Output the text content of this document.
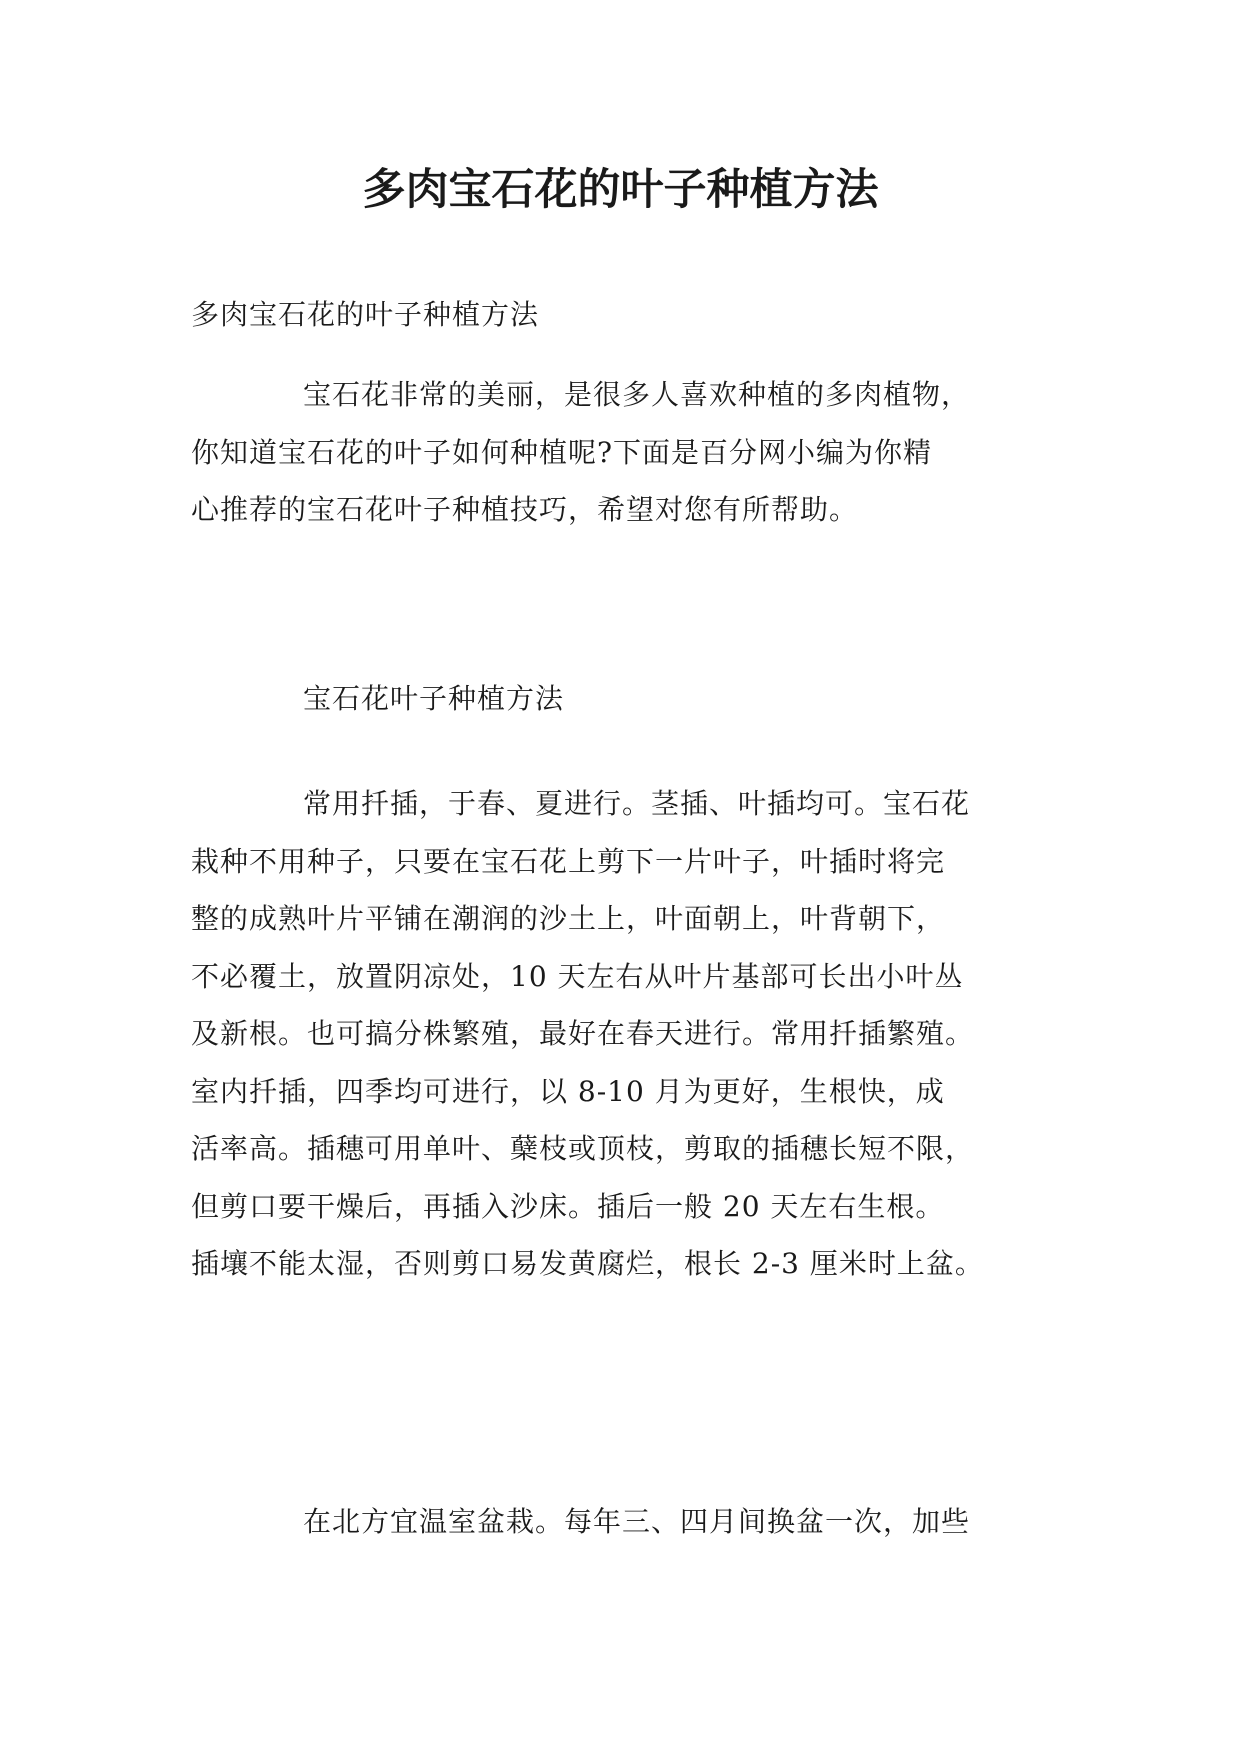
多肉宝石花的叶子种植方法
多肉宝石花的叶子种植方法
宝石花非常的美丽，是很多人喜欢种植的多肉植物，
你知道宝石花的叶子如何种植呢?下面是百分网小编为你精
心推荐的宝石花叶子种植技巧，希望对您有所帮助。
宝石花叶子种植方法
常用扦插，于春、夏进行。茎插、叶插均可。宝石花
栽种不用种子，只要在宝石花上剪下一片叶子，叶插时将完
整的成熟叶片平铺在潮润的沙土上，叶面朝上，叶背朝下，
不必覆土，放置阴凉处，10 天左右从叶片基部可长出小叶丛
及新根。也可搞分株繁殖，最好在春天进行。常用扦插繁殖。
室内扦插，四季均可进行，以 8-10 月为更好，生根快，成
活率高。插穗可用单叶、蘖枝或顶枝，剪取的插穗长短不限，
但剪口要干燥后，再插入沙床。插后一般 20 天左右生根。
插壤不能太湿，否则剪口易发黄腐烂，根长 2-3 厘米时上盆。
在北方宜温室盆栽。每年三、四月间换盆一次，加些
